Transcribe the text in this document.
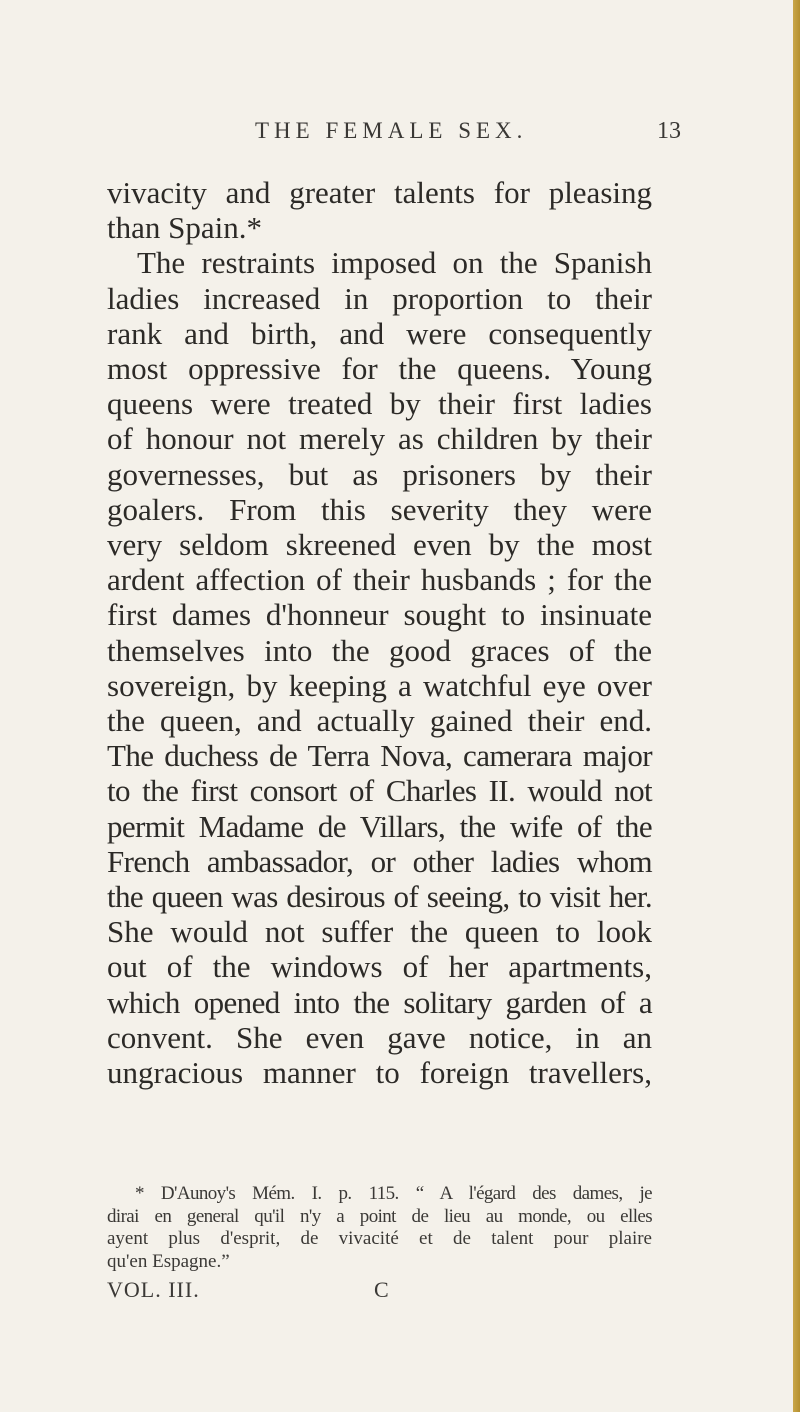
THE FEMALE SEX.	13
vivacity and greater talents for pleasing
than Spain.*
The restraints imposed on the Spanish
ladies increased in proportion to their
rank and birth, and were consequently
most oppressive for the queens. Young
queens were treated by their first ladies
of honour not merely as children by their
governesses, but as prisoners by their
goalers. From this severity they were
very seldom skreened even by the most
ardent affection of their husbands ; for the
first dames d'honneur sought to insinuate
themselves into the good graces of the
sovereign, by keeping a watchful eye over
the queen, and actually gained their end.
The duchess de Terra Nova, camerara major
to the first consort of Charles II. would not
permit Madame de Villars, the wife of the
French ambassador, or other ladies whom
the queen was desirous of seeing, to visit her.
She would not suffer the queen to look
out of the windows of her apartments,
which opened into the solitary garden of a
convent. She even gave notice, in an
ungracious manner to foreign travellers,
* D'Aunoy's Mém. I. p. 115. “ A l'égard des dames, je
dirai en general qu'il n'y a point de lieu au monde, ou elles
ayent plus d'esprit, de vivacité et de talent pour plaire
qu'en Espagne.”
VOL. III.	C
